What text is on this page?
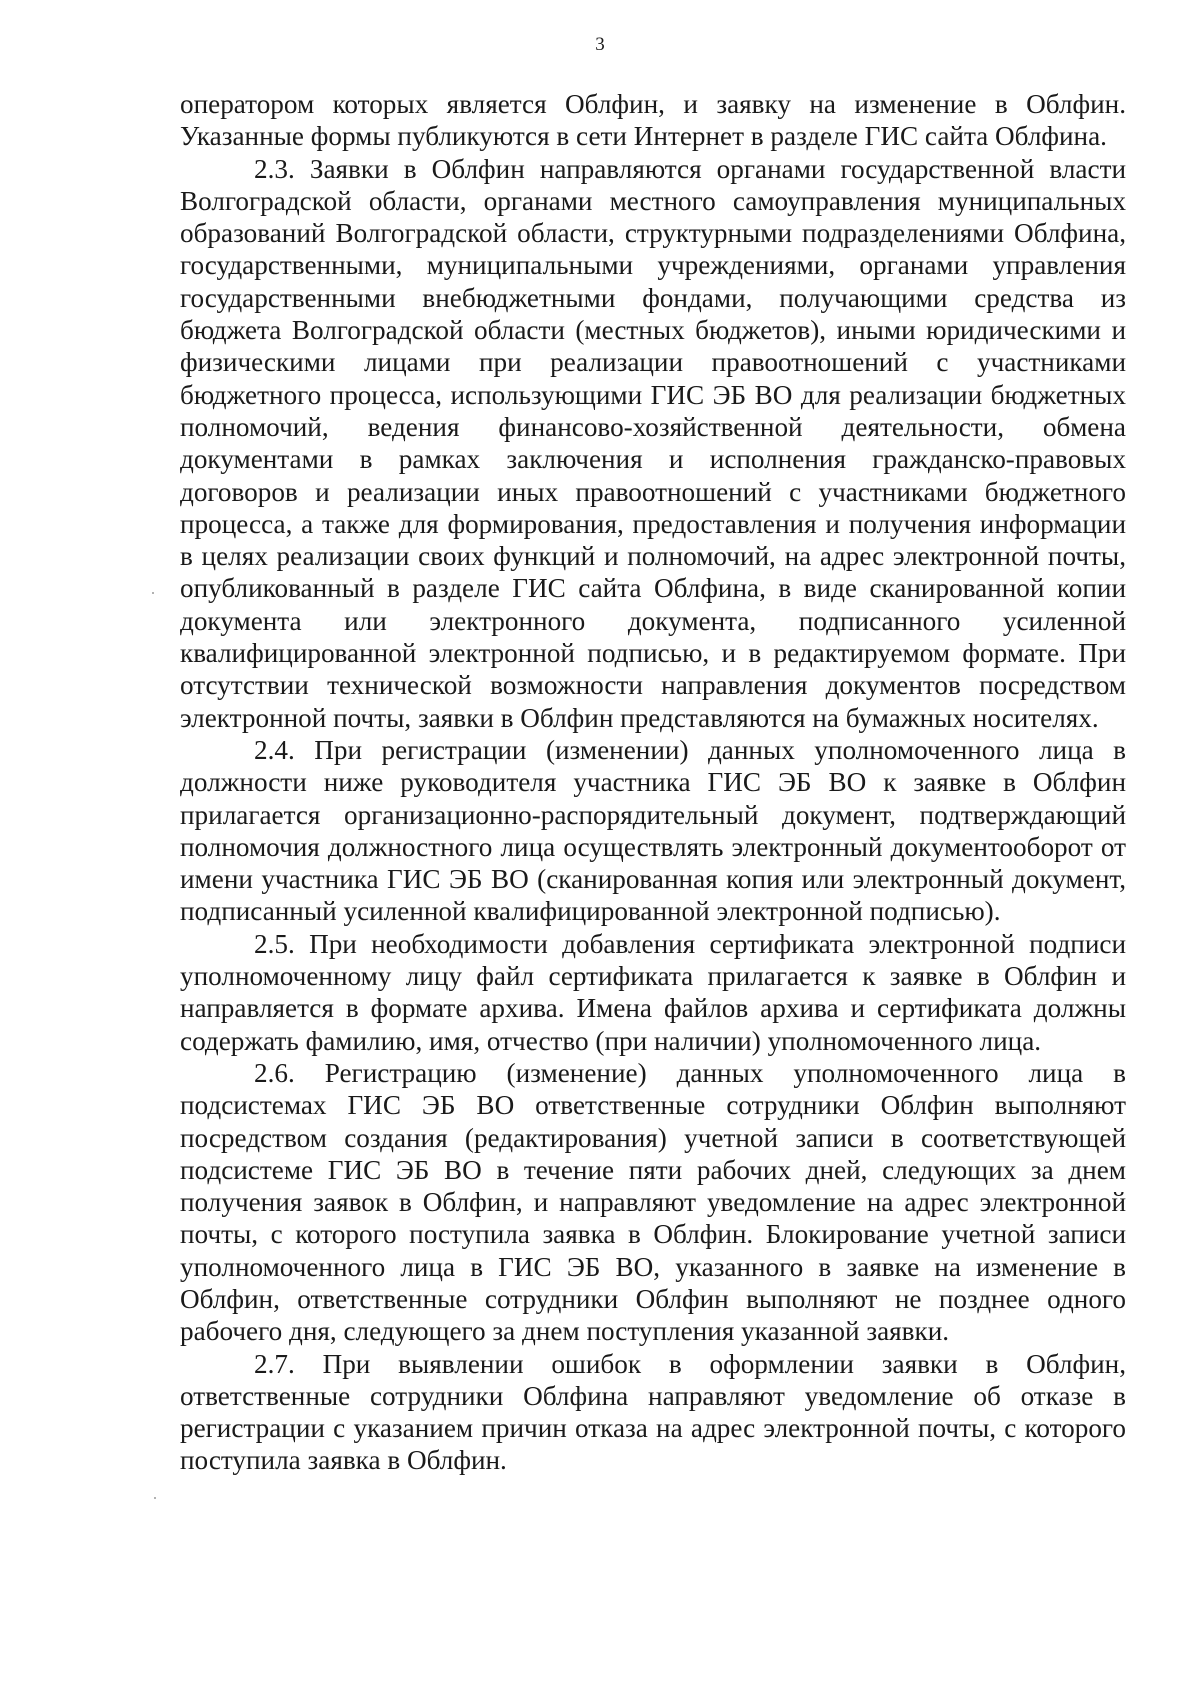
3

оператором которых является Облфин, и заявку на изменение в Облфин. Указанные формы публикуются в сети Интернет в разделе ГИС сайта Облфина.

2.3. Заявки в Облфин направляются органами государственной власти Волгоградской области, органами местного самоуправления муниципальных образований Волгоградской области, структурными подразделениями Облфина, государственными, муниципальными учреждениями, органами управления государственными внебюджетными фондами, получающими средства из бюджета Волгоградской области (местных бюджетов), иными юридическими и физическими лицами при реализации правоотношений с участниками бюджетного процесса, использующими ГИС ЭБ ВО для реализации бюджетных полномочий, ведения финансово-хозяйственной деятельности, обмена документами в рамках заключения и исполнения гражданско-правовых договоров и реализации иных правоотношений с участниками бюджетного процесса, а также для формирования, предоставления и получения информации в целях реализации своих функций и полномочий, на адрес электронной почты, опубликованный в разделе ГИС сайта Облфина, в виде сканированной копии документа или электронного документа, подписанного усиленной квалифицированной электронной подписью, и в редактируемом формате. При отсутствии технической возможности направления документов посредством электронной почты, заявки в Облфин представляются на бумажных носителях.

2.4. При регистрации (изменении) данных уполномоченного лица в должности ниже руководителя участника ГИС ЭБ ВО к заявке в Облфин прилагается организационно-распорядительный документ, подтверждающий полномочия должностного лица осуществлять электронный документооборот от имени участника ГИС ЭБ ВО (сканированная копия или электронный документ, подписанный усиленной квалифицированной электронной подписью).

2.5. При необходимости добавления сертификата электронной подписи уполномоченному лицу файл сертификата прилагается к заявке в Облфин и направляется в формате архива. Имена файлов архива и сертификата должны содержать фамилию, имя, отчество (при наличии) уполномоченного лица.

2.6. Регистрацию (изменение) данных уполномоченного лица в подсистемах ГИС ЭБ ВО ответственные сотрудники Облфин выполняют посредством создания (редактирования) учетной записи в соответствующей подсистеме ГИС ЭБ ВО в течение пяти рабочих дней, следующих за днем получения заявок в Облфин, и направляют уведомление на адрес электронной почты, с которого поступила заявка в Облфин. Блокирование учетной записи уполномоченного лица в ГИС ЭБ ВО, указанного в заявке на изменение в Облфин, ответственные сотрудники Облфин выполняют не позднее одного рабочего дня, следующего за днем поступления указанной заявки.

2.7. При выявлении ошибок в оформлении заявки в Облфин, ответственные сотрудники Облфина направляют уведомление об отказе в регистрации с указанием причин отказа на адрес электронной почты, с которого поступила заявка в Облфин.
